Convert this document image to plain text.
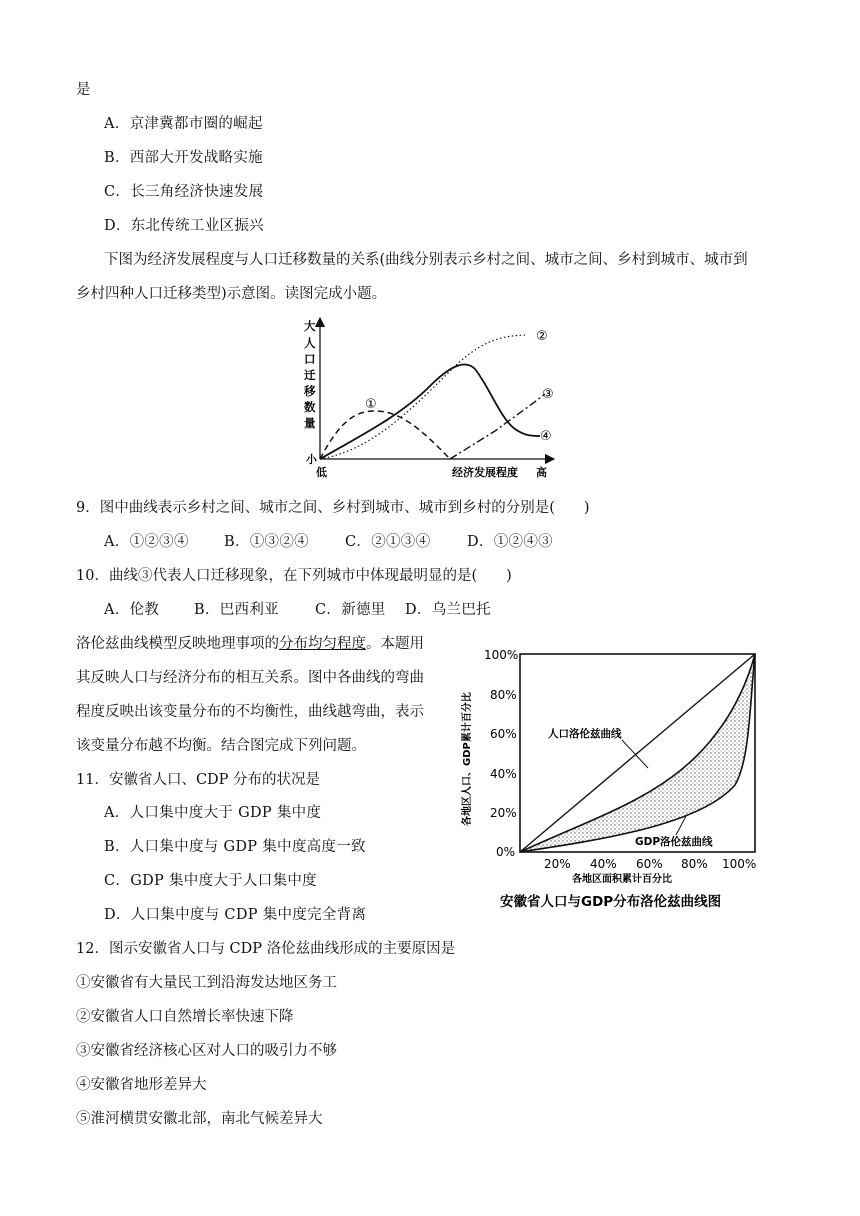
是
A．京津冀都市圈的崛起
B．西部大开发战略实施
C．长三角经济快速发展
D．东北传统工业区振兴
下图为经济发展程度与人口迁移数量的关系(曲线分别表示乡村之间、城市之间、乡村到城市、城市到
乡村四种人口迁移类型)示意图。读图完成小题。
大
人
口
迁
移
数
量
小
低	经济发展程度 高
①
②
③
④
9．图中曲线表示乡村之间、城市之间、乡村到城市、城市到乡村的分别是(　　)
A．①②③④ B．①③②④ C．②①③④	D．①②④③
10．曲线③代表人口迁移现象，在下列城市中体现最明显的是(　　)
A．伦教 B．巴西利亚 C．新德里 D．乌兰巴托
洛伦兹曲线模型反映地理事项的分布均匀程度。本题用
其反映人口与经济分布的相互关系。图中各曲线的弯曲
程度反映出该变量分布的不均衡性，曲线越弯曲，表示
该变量分布越不均衡。结合图完成下列问题。
11．安徽省人口、CDP 分布的状况是
A．人口集中度大于 GDP 集中度
B．人口集中度与 GDP 集中度高度一致
C．GDP 集中度大于人口集中度
D．人口集中度与 CDP 集中度完全背离
12．图示安徽省人口与 CDP 洛伦兹曲线形成的主要原因是
①安徽省有大量民工到沿海发达地区务工
②安徽省人口自然增长率快速下降
③安徽省经济核心区对人口的吸引力不够
④安徽省地形差异大
⑤淮河横贯安徽北部，南北气候差异大
100%
80%
60%
40%
20%
0%
20% 40% 60% 80% 100%
各地区面积累计百分比
各地区人口、GDP累计百分比	人口洛伦兹曲线
GDP洛伦兹曲线
安徽省人口与GDP分布洛伦兹曲线图
